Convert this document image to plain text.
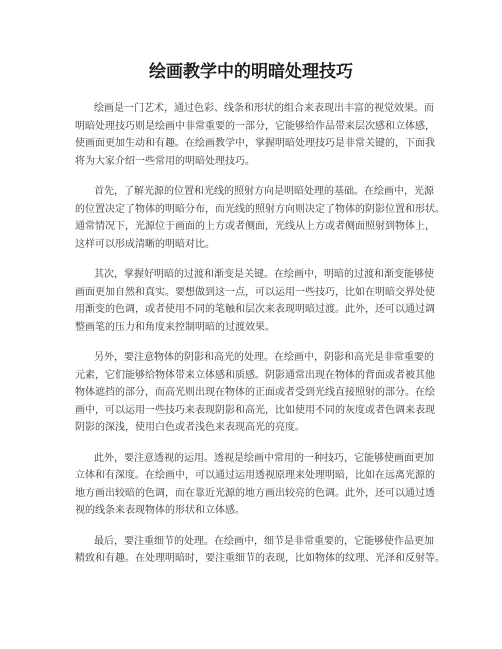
绘画教学中的明暗处理技巧
绘画是一门艺术，通过色彩、线条和形状的组合来表现出丰富的视觉效果。而
明暗处理技巧则是绘画中非常重要的一部分，它能够给作品带来层次感和立体感，
使画面更加生动和有趣。在绘画教学中，掌握明暗处理技巧是非常关键的，下面我
将为大家介绍一些常用的明暗处理技巧。
首先，了解光源的位置和光线的照射方向是明暗处理的基础。在绘画中，光源
的位置决定了物体的明暗分布，而光线的照射方向则决定了物体的阴影位置和形状。
通常情况下，光源位于画面的上方或者侧面，光线从上方或者侧面照射到物体上，
这样可以形成清晰的明暗对比。
其次，掌握好明暗的过渡和渐变是关键。在绘画中，明暗的过渡和渐变能够使
画面更加自然和真实。要想做到这一点，可以运用一些技巧，比如在明暗交界处使
用渐变的色调，或者使用不同的笔触和层次来表现明暗过渡。此外，还可以通过调
整画笔的压力和角度来控制明暗的过渡效果。
另外，要注意物体的阴影和高光的处理。在绘画中，阴影和高光是非常重要的
元素，它们能够给物体带来立体感和质感。阴影通常出现在物体的背面或者被其他
物体遮挡的部分，而高光则出现在物体的正面或者受到光线直接照射的部分。在绘
画中，可以运用一些技巧来表现阴影和高光，比如使用不同的灰度或者色调来表现
阴影的深浅，使用白色或者浅色来表现高光的亮度。
此外，要注意透视的运用。透视是绘画中常用的一种技巧，它能够使画面更加
立体和有深度。在绘画中，可以通过运用透视原理来处理明暗，比如在远离光源的
地方画出较暗的色调，而在靠近光源的地方画出较亮的色调。此外，还可以通过透
视的线条来表现物体的形状和立体感。
最后，要注重细节的处理。在绘画中，细节是非常重要的，它能够使作品更加
精致和有趣。在处理明暗时，要注重细节的表现，比如物体的纹理、光泽和反射等。
